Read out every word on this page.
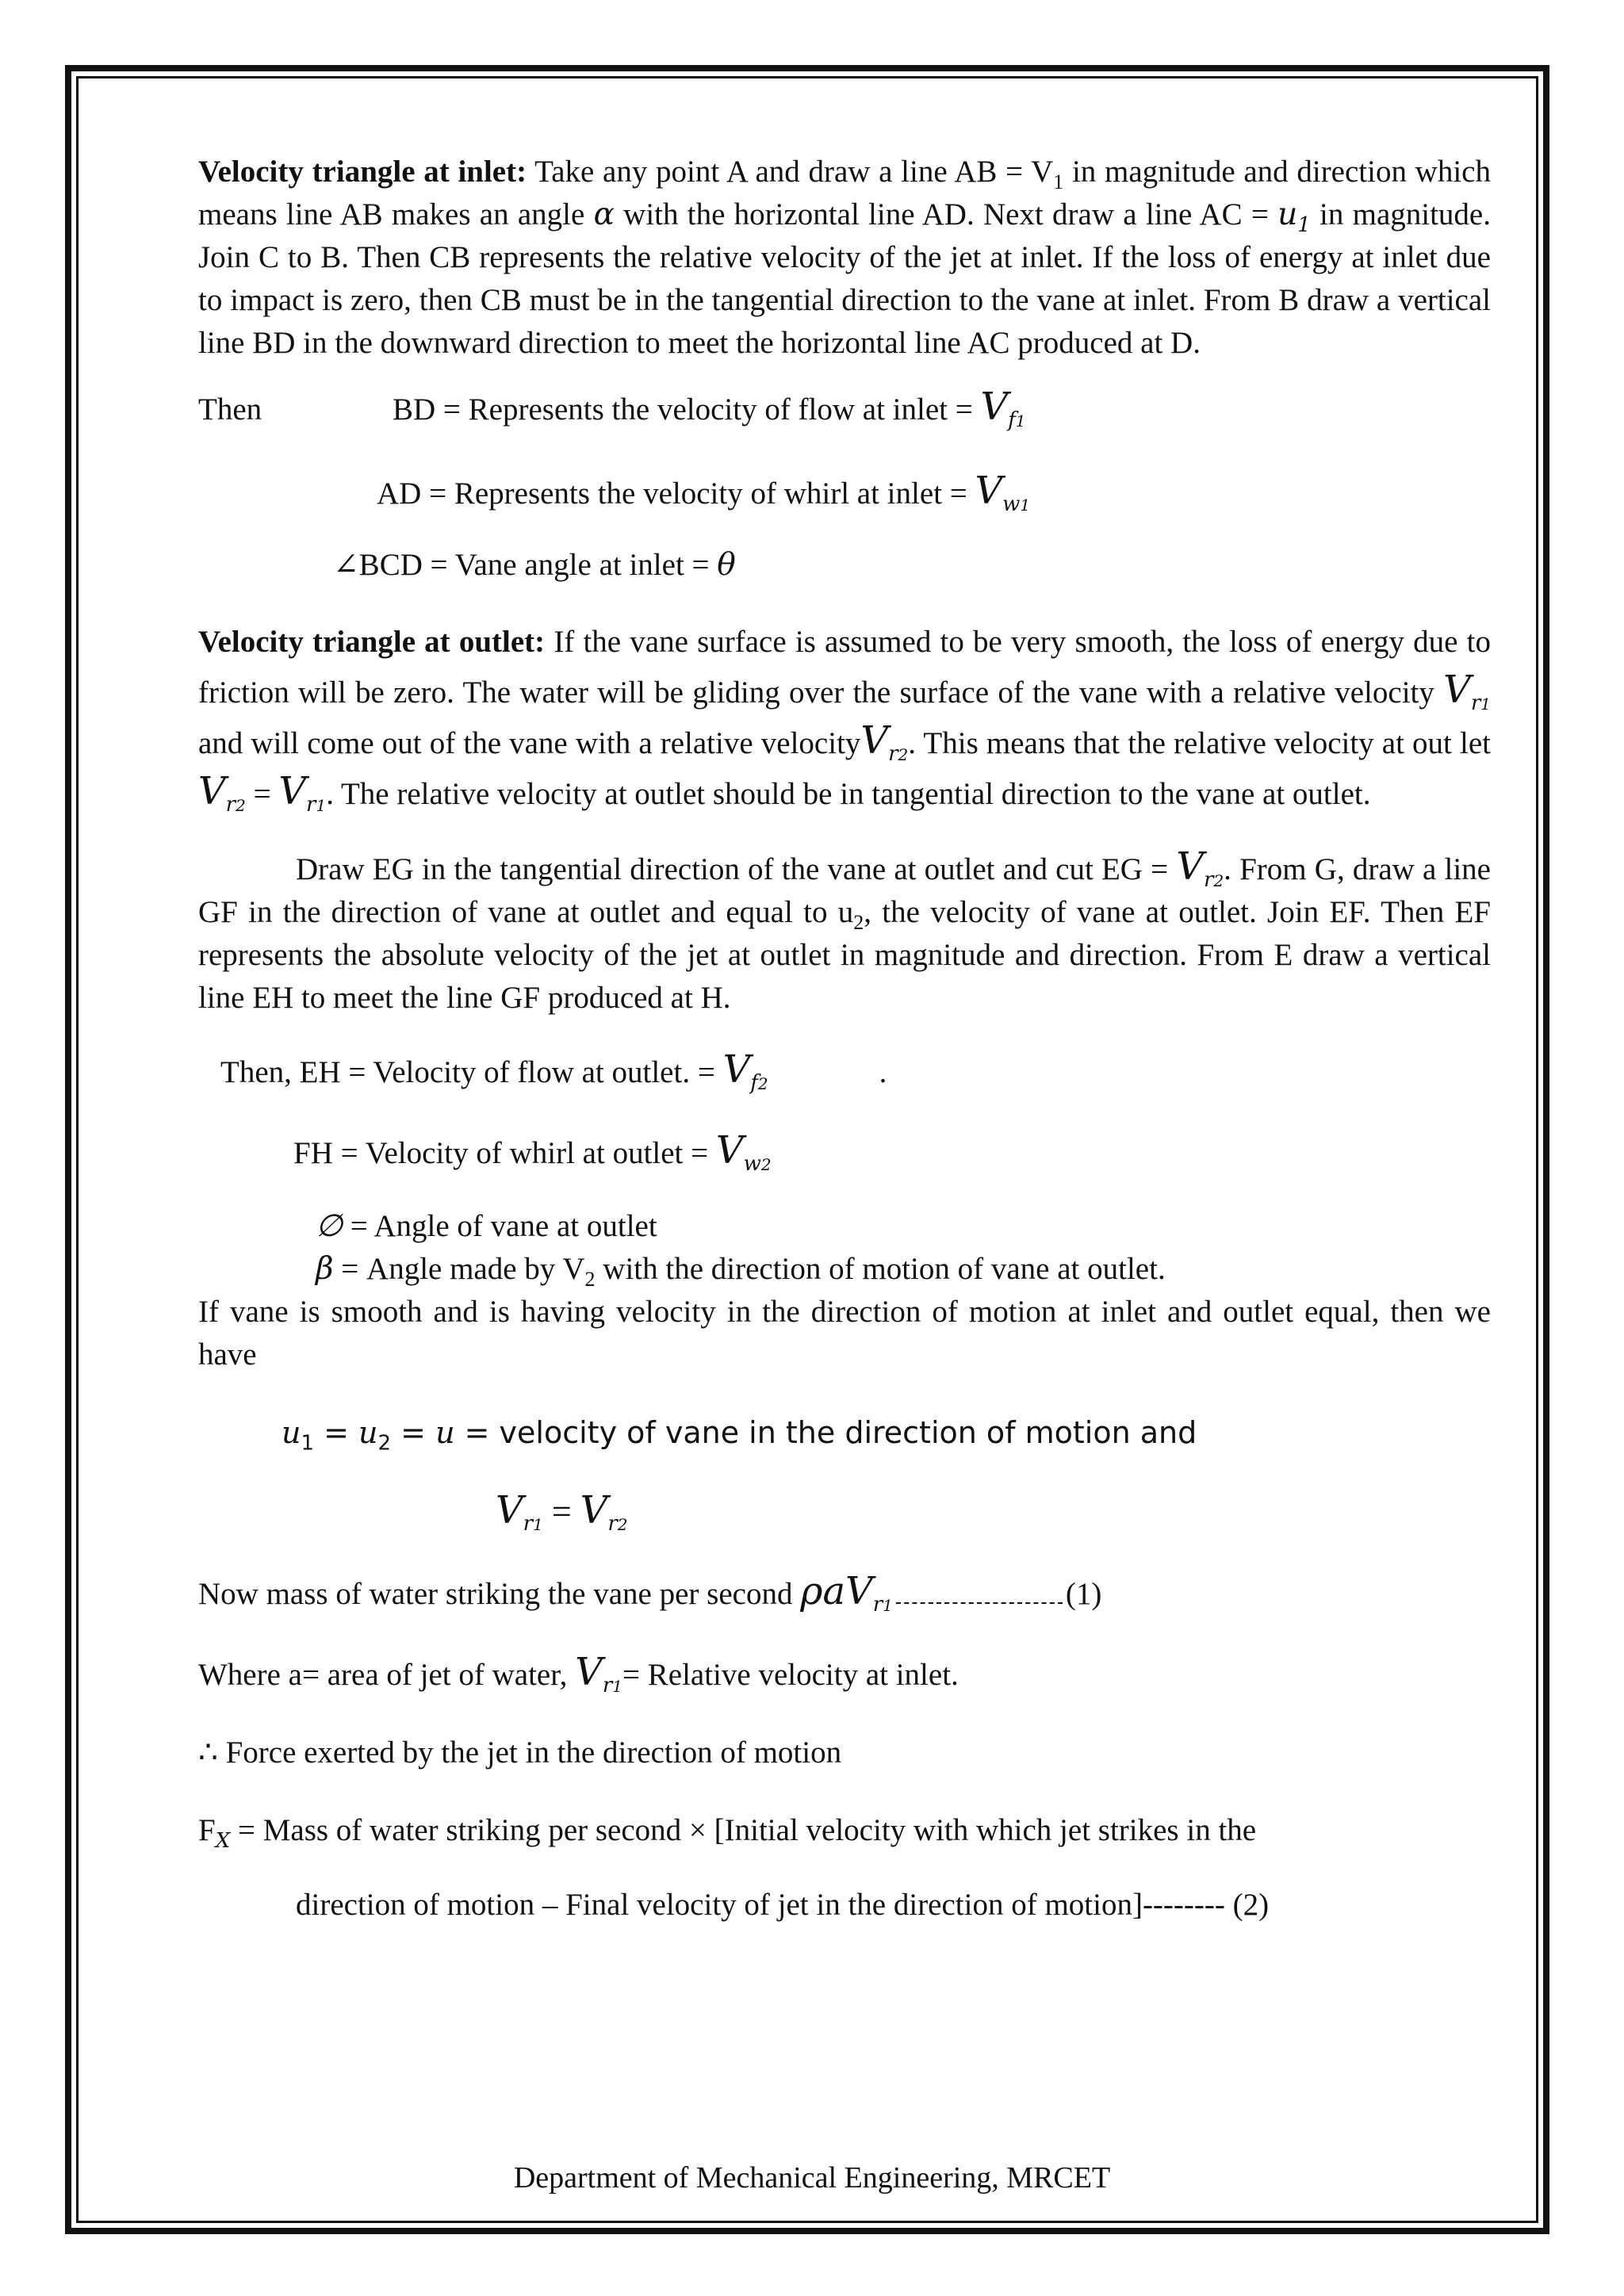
Velocity triangle at inlet: Take any point A and draw a line AB = $V_1$ in magnitude and direction which means line AB makes an angle α with the horizontal line AD. Next draw a line AC = $u_1$ in magnitude. Join C to B. Then CB represents the relative velocity of the jet at inlet. If the loss of energy at inlet due to impact is zero, then CB must be in the tangential direction to the vane at inlet. From B draw a vertical line BD in the downward direction to meet the horizontal line AC produced at D.

Then	BD = Represents the velocity of flow at inlet = $V_{f1}$

AD = Represents the velocity of whirl at inlet = $V_{w1}$

∠BCD = Vane angle at inlet = θ

Velocity triangle at outlet: If the vane surface is assumed to be very smooth, the loss of energy due to friction will be zero. The water will be gliding over the surface of the vane with a relative velocity $V_{r1}$ and will come out of the vane with a relative velocityV$_{r2}$. This means that the relative velocity at out let $V_{r2} = V_{r1}$. The relative velocity at outlet should be in tangential direction to the vane at outlet.

Draw EG in the tangential direction of the vane at outlet and cut EG = $V_{r2}$. From G, draw a line GF in the direction of vane at outlet and equal to $u_2$, the velocity of vane at outlet. Join EF. Then EF represents the absolute velocity of the jet at outlet in magnitude and direction. From E draw a vertical line EH to meet the line GF produced at H.

Then, EH = Velocity of flow at outlet. = $V_{f2}$	.

FH = Velocity of whirl at outlet = $V_{w2}$

∅ = Angle of vane at outlet

β = Angle made by $V_2$ with the direction of motion of vane at outlet.

If vane is smooth and is having velocity in the direction of motion at inlet and outlet equal, then we have

$u_1 = u_2 = u$ = velocity of vane in the direction of motion and

$V_{r1} = V_{r2}$

Now mass of water striking the vane per second ρaV$_{r1}$	(1)

Where a= area of jet of water, $V_{r1}=$ Relative velocity at inlet.

∴ Force exerted by the jet in the direction of motion

$F_X$ = Mass of water striking per second × [Initial velocity with which jet strikes in the

direction of motion – Final velocity of jet in the direction of motion]-------- (2)

Department of Mechanical Engineering, MRCET
